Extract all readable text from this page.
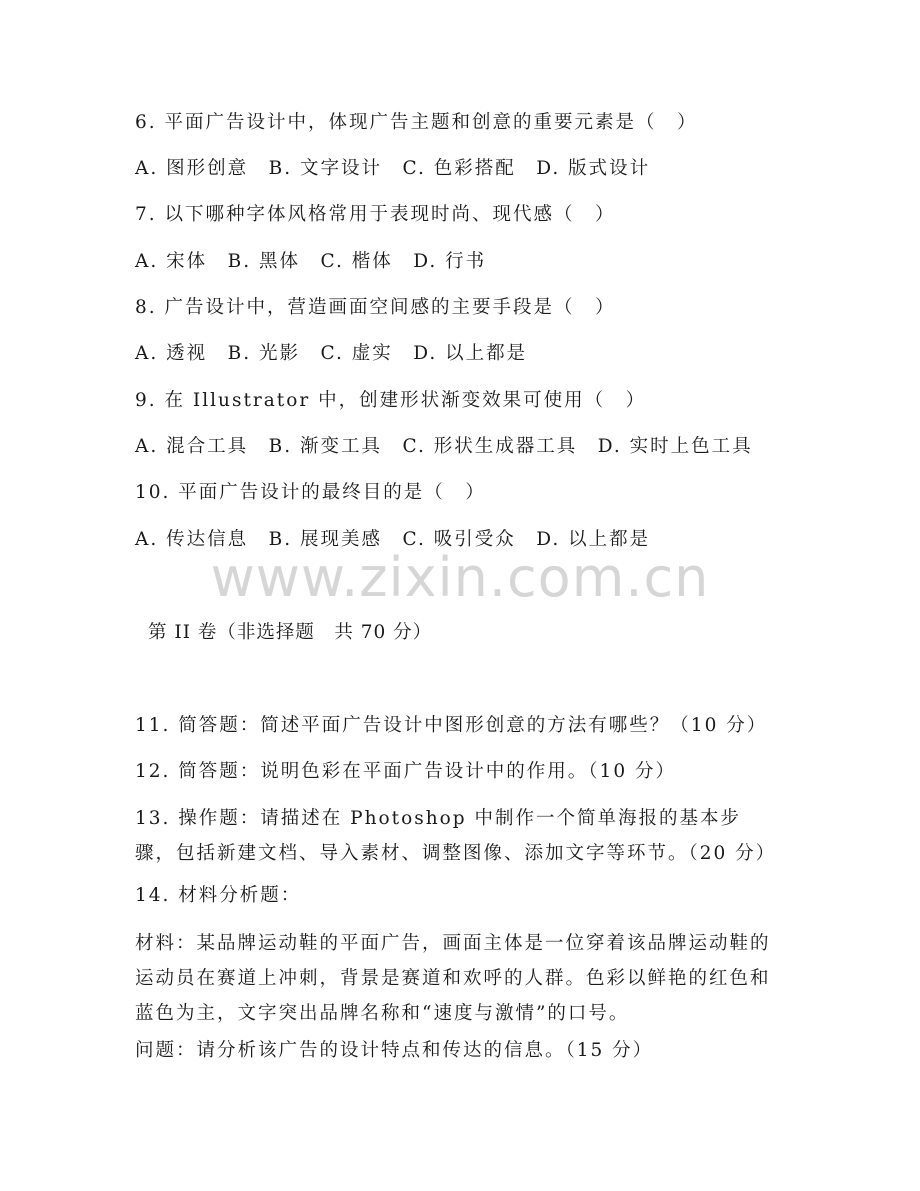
6. 平面广告设计中，体现广告主题和创意的重要元素是（　）
A. 图形创意　B. 文字设计　C. 色彩搭配　D. 版式设计
7. 以下哪种字体风格常用于表现时尚、现代感（　）
A. 宋体　B. 黑体　C. 楷体　D. 行书
8. 广告设计中，营造画面空间感的主要手段是（　）
A. 透视　B. 光影　C. 虚实　D. 以上都是
9. 在 Illustrator 中，创建形状渐变效果可使用（　）
A. 混合工具　B. 渐变工具　C. 形状生成器工具　D. 实时上色工具
10. 平面广告设计的最终目的是（　）
A. 传达信息　B. 展现美感　C. 吸引受众　D. 以上都是
www.zixin.com.cn
第 II 卷（非选择题　共 70 分）
11. 简答题：简述平面广告设计中图形创意的方法有哪些？（10 分）
12. 简答题：说明色彩在平面广告设计中的作用。（10 分）
13. 操作题：请描述在 Photoshop 中制作一个简单海报的基本步骤，包括新建文档、导入素材、调整图像、添加文字等环节。（20 分）
14. 材料分析题：
材料：某品牌运动鞋的平面广告，画面主体是一位穿着该品牌运动鞋的运动员在赛道上冲刺，背景是赛道和欢呼的人群。色彩以鲜艳的红色和蓝色为主，文字突出品牌名称和“速度与激情”的口号。
问题：请分析该广告的设计特点和传达的信息。（15 分）
